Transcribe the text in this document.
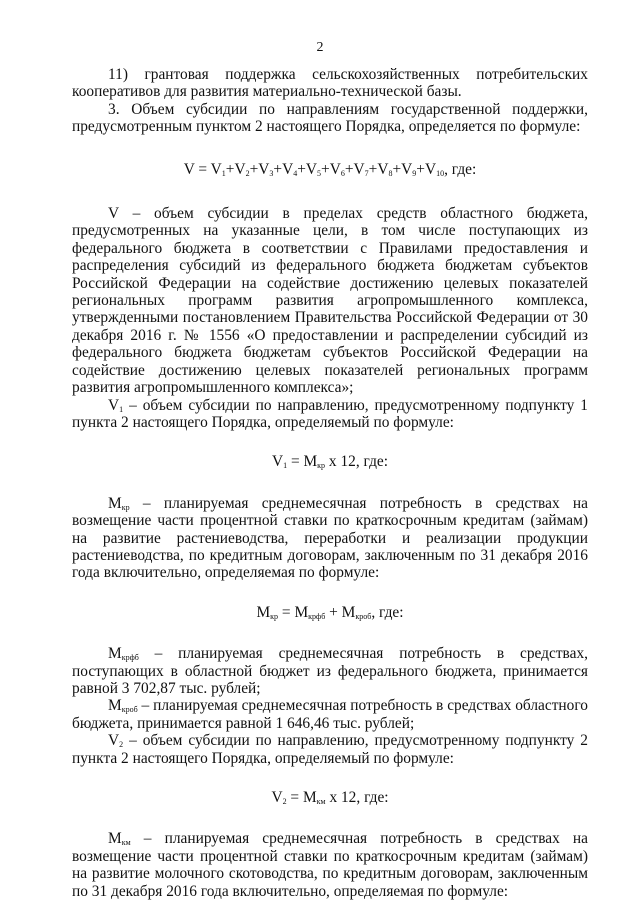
2

11) грантовая поддержка сельскохозяйственных потребительских кооперативов для развития материально-технической базы.

3. Объем субсидии по направлениям государственной поддержки, предусмотренным пунктом 2 настоящего Порядка, определяется по формуле:

$V = V_1+V_2+V_3+V_4+V_5+V_6+V_7+V_8+V_9+V_{10}$, где:

V – объем субсидии в пределах средств областного бюджета, предусмотренных на указанные цели, в том числе поступающих из федерального бюджета в соответствии с Правилами предоставления и распределения субсидий из федерального бюджета бюджетам субъектов Российской Федерации на содействие достижению целевых показателей региональных программ развития агропромышленного комплекса, утвержденными постановлением Правительства Российской Федерации от 30 декабря 2016 г. № 1556 «О предоставлении и распределении субсидий из федерального бюджета бюджетам субъектов Российской Федерации на содействие достижению целевых показателей региональных программ развития агропромышленного комплекса»;

$V_1$ – объем субсидии по направлению, предусмотренному подпункту 1 пункта 2 настоящего Порядка, определяемый по формуле:

$V_1 = М_{кр}$ х 12, где:

$М_{кр}$ – планируемая среднемесячная потребность в средствах на возмещение части процентной ставки по краткосрочным кредитам (займам) на развитие растениеводства, переработки и реализации продукции растениеводства, по кредитным договорам, заключенным по 31 декабря 2016 года включительно, определяемая по формуле:

$М_{кр} = М_{крфб} + М_{кроб}$, где:

$М_{крфб}$ – планируемая среднемесячная потребность в средствах, поступающих в областной бюджет из федерального бюджета, принимается равной 3 702,87 тыс. рублей;

$М_{кроб}$ – планируемая среднемесячная потребность в средствах областного бюджета, принимается равной 1 646,46 тыс. рублей;

$V_2$ – объем субсидии по направлению, предусмотренному подпункту 2 пункта 2 настоящего Порядка, определяемый по формуле:

$V_2 = М_{км}$ х 12, где:

$М_{км}$ – планируемая среднемесячная потребность в средствах на возмещение части процентной ставки по краткосрочным кредитам (займам) на развитие молочного скотоводства, по кредитным договорам, заключенным по 31 декабря 2016 года включительно, определяемая по формуле:
